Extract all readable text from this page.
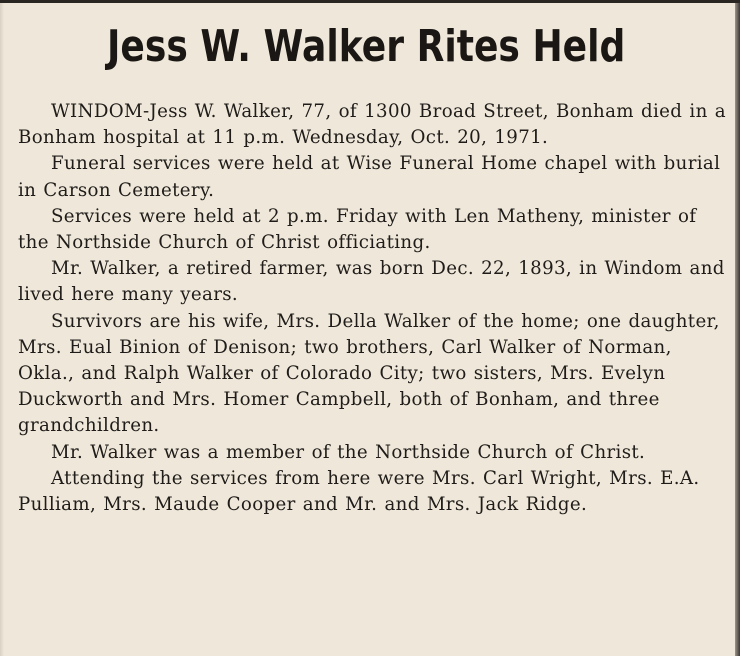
Jess W. Walker Rites Held

WINDOM-Jess W. Walker, 77, of 1300 Broad Street, Bonham died in a Bonham hospital at 11 p.m. Wednesday, Oct. 20, 1971.

Funeral services were held at Wise Funeral Home chapel with burial in Carson Cemetery.

Services were held at 2 p.m. Friday with Len Matheny, minister of the Northside Church of Christ officiating.

Mr. Walker, a retired farmer, was born Dec. 22, 1893, in Windom and lived here many years.

Survivors are his wife, Mrs. Della Walker of the home; one daughter, Mrs. Eual Binion of Denison; two brothers, Carl Walker of Norman, Okla., and Ralph Walker of Colorado City; two sisters, Mrs. Evelyn Duckworth and Mrs. Homer Campbell, both of Bonham, and three grandchildren.

Mr. Walker was a member of the Northside Church of Christ.

Attending the services from here were Mrs. Carl Wright, Mrs. E.A. Pulliam, Mrs. Maude Cooper and Mr. and Mrs. Jack Ridge.
